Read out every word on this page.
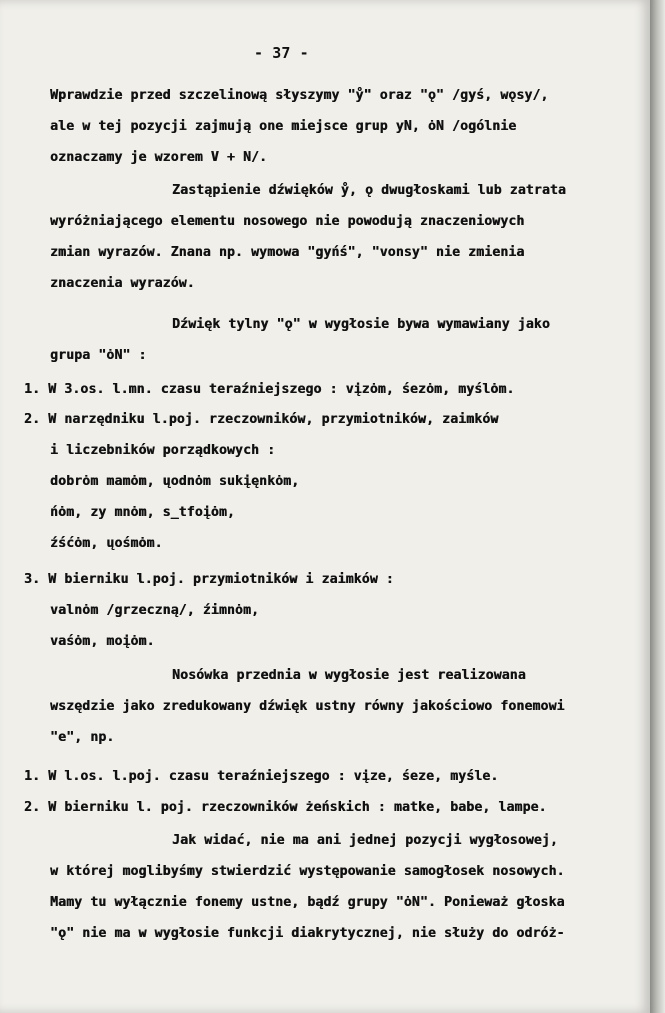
- 37 -
Wprawdzie przed szczelinową słyszymy "ẙ" oraz "ǫ" /gyś, wǫsy/,
ale w tej pozycji zajmują one miejsce grup yN, ȯN /ogólnie
oznaczamy je wzorem V + N/.
Zastąpienie dźwięków ẙ, ǫ dwugłoskami lub zatrata
wyróżniającego elementu nosowego nie powodują znaczeniowych
zmian wyrazów. Znana np. wymowa "gyńś", "vonsy" nie zmienia
znaczenia wyrazów.
Dźwięk tylny "ǫ" w wygłosie bywa wymawiany jako
grupa "ȯN" :
1. W 3.os. l.mn. czasu teraźniejszego : vįzȯm, śezȯm, myślȯm.
2. W narzędniku l.poj. rzeczowników, przymiotników, zaimków
i liczebników porządkowych :
dobrȯm mamȯm, ųodnȯm sukįęnkȯm,
ńȯm, zy mnȯm, s_tfoįȯm,
źśćȯm, ųośmȯm.
3. W bierniku l.poj. przymiotników i zaimków :
valnȯm /grzeczną/, źimnȯm,
vaśȯm, moįȯm.
Nosówka przednia w wygłosie jest realizowana
wszędzie jako zredukowany dźwięk ustny równy jakościowo fonemowi
"e", np.
1. W l.os. l.poj. czasu teraźniejszego : vįze, śeze, myśle.
2. W bierniku l. poj. rzeczowników żeńskich : matke, babe, lampe.
Jak widać, nie ma ani jednej pozycji wygłosowej,
w której moglibyśmy stwierdzić występowanie samogłosek nosowych.
Mamy tu wyłącznie fonemy ustne, bądź grupy "ȯN". Ponieważ głoska
"ǫ" nie ma w wygłosie funkcji diakrytycznej, nie służy do odróż-
